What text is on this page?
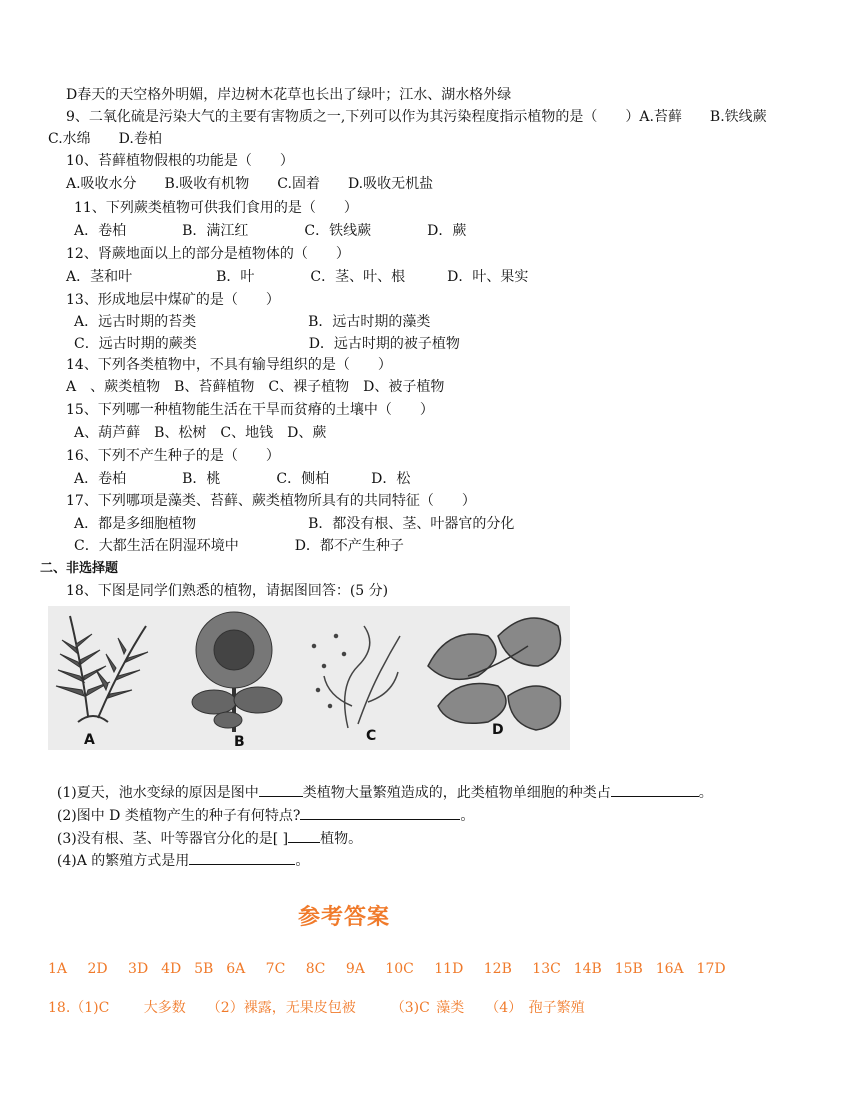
D春天的天空格外明媚，岸边树木花草也长出了绿叶；江水、湖水格外绿
9、二氧化硫是污染大气的主要有害物质之一,下列可以作为其污染程度指示植物的是（　　）A.苔藓　　B.铁线蕨
C.水绵　　D.卷柏
10、苔藓植物假根的功能是（　　）
A.吸收水分　　B.吸收有机物　　C.固着　　D.吸收无机盐
11、下列蕨类植物可供我们食用的是（　　）
A．卷柏　　　　B．满江红　　　　C．铁线蕨　　　　D．蕨
12、肾蕨地面以上的部分是植物体的（　　）
A．茎和叶　　　　　　B．叶　　　　C．茎、叶、根　　　D．叶、果实
13、形成地层中煤矿的是（　　）
A．远古时期的苔类　　　　　　　　B．远古时期的藻类
C．远古时期的蕨类　　　　　　　　D．远古时期的被子植物
14、下列各类植物中，不具有输导组织的是（　　）
A　、蕨类植物　B、苔藓植物　C、裸子植物　D、被子植物
15、下列哪一种植物能生活在干旱而贫瘠的土壤中（　　）
A、葫芦藓　B、松树　C、地钱　D、蕨
16、下列不产生种子的是（　　）
A．卷柏　　　　B．桃　　　　C．侧柏　　　D．松
17、下列哪项是藻类、苔藓、蕨类植物所具有的共同特征（　　）
A．都是多细胞植物　　　　　　　　B．都没有根、茎、叶器官的分化
C．大都生活在阴湿环境中　　　　D．都不产生种子
二、非选择题
18、下图是同学们熟悉的植物，请据图回答：(5 分)
A	B	C	D

(1)夏天，池水变绿的原因是图中	类植物大量繁殖造成的，此类植物单细胞的种类占	。

(2)图中 D 类植物产生的种子有何特点?	。

(3)没有根、茎、叶等器官分化的是[ ] 植物。

(4)A 的繁殖方式是用	。

参考答案
1A　 2D　 3D  4D  5B  6A　 7C　 8C　 9A　 10C　 11D　 12B　 13C  14B  15B  16A  17D
18.（1)C　　 大多数　　（2）裸露，无果皮包被　　　（3)C 藻类　　（4） 孢子繁殖
